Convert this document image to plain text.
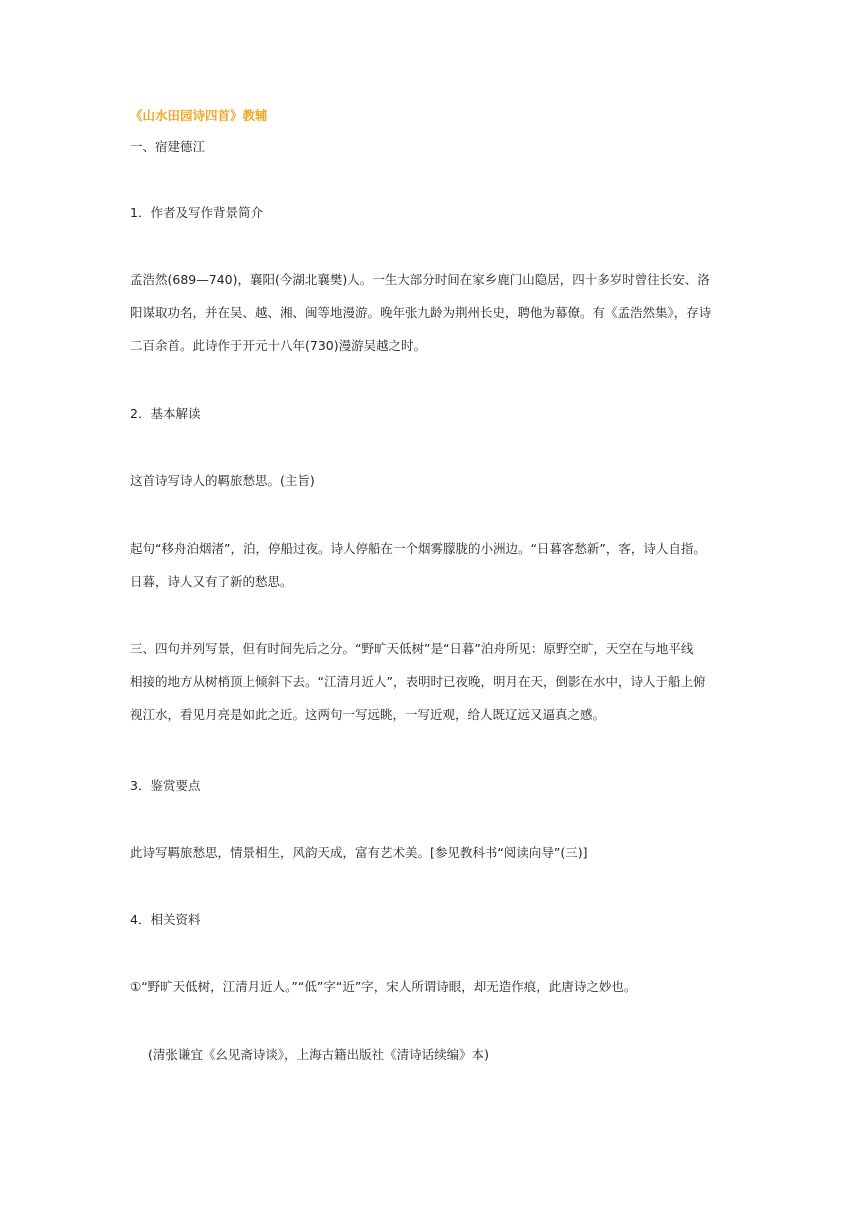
《山水田园诗四首》教辅
一、宿建德江
1．作者及写作背景简介
孟浩然(689—740)，襄阳(今湖北襄樊)人。一生大部分时间在家乡鹿门山隐居，四十多岁时曾往长安、洛
阳谋取功名，并在吴、越、湘、闽等地漫游。晚年张九龄为荆州长史，聘他为幕僚。有《孟浩然集》，存诗
二百余首。此诗作于开元十八年(730)漫游吴越之时。
2．基本解读
这首诗写诗人的羁旅愁思。(主旨)
起句“移舟泊烟渚”，泊，停船过夜。诗人停船在一个烟雾朦胧的小洲边。“日暮客愁新”，客，诗人自指。
日暮，诗人又有了新的愁思。
三、四句并列写景，但有时间先后之分。“野旷天低树”是“日暮”泊舟所见：原野空旷，天空在与地平线
相接的地方从树梢顶上倾斜下去。“江清月近人”，表明时已夜晚，明月在天，倒影在水中，诗人于船上俯
视江水，看见月亮是如此之近。这两句一写远眺，一写近观，给人既辽远又逼真之感。
3．鉴赏要点
此诗写羁旅愁思，情景相生，风韵天成，富有艺术美。[参见教科书“阅读向导”(三)]
4．相关资料
①“野旷天低树，江清月近人。”“低”字“近”字，宋人所谓诗眼，却无造作痕，此唐诗之妙也。
(清张谦宜《幺见斋诗谈》，上海古籍出版社《清诗话续编》本)
